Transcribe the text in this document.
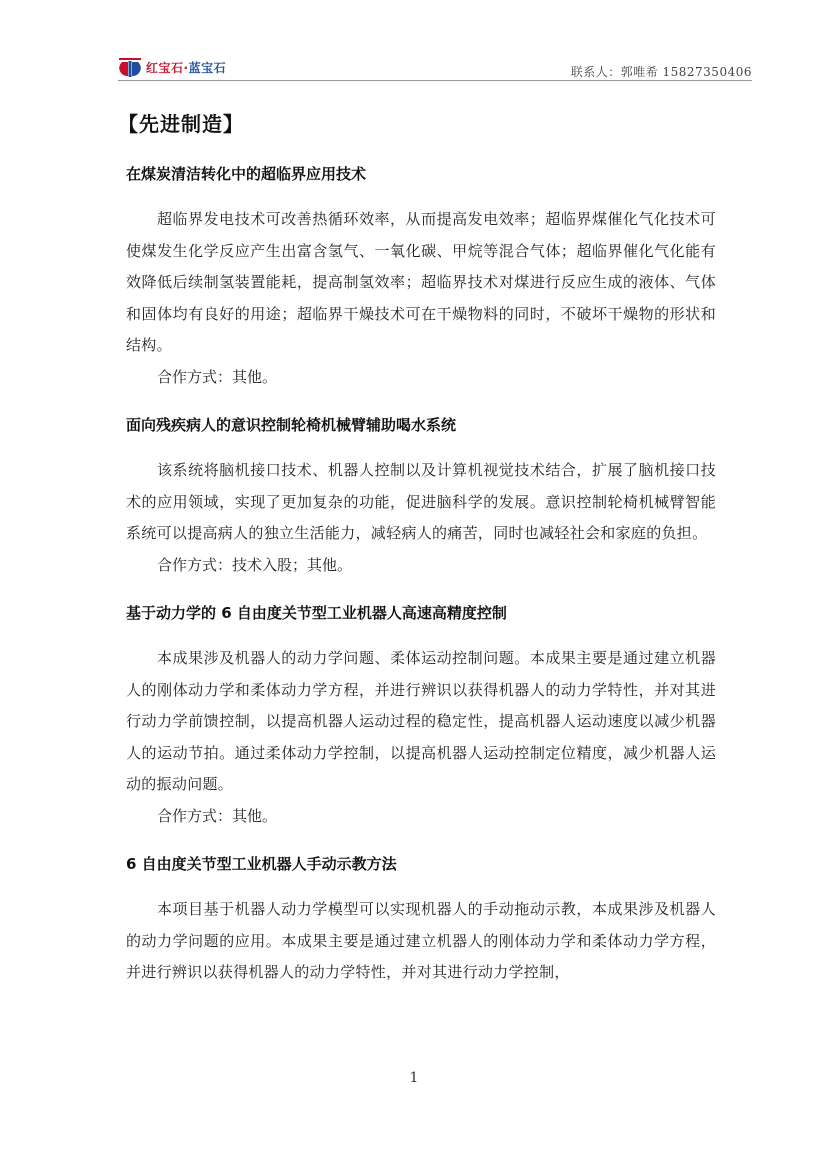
红宝石·蓝宝石	联系人：郭唯希 15827350406
【先进制造】

在煤炭清洁转化中的超临界应用技术

超临界发电技术可改善热循环效率，从而提高发电效率；超临界煤催化气化技术可使煤发生化学反应产生出富含氢气、一氧化碳、甲烷等混合气体；超临界催化气化能有效降低后续制氢装置能耗，提高制氢效率；超临界技术对煤进行反应生成的液体、气体和固体均有良好的用途；超临界干燥技术可在干燥物料的同时，不破坏干燥物的形状和结构。

合作方式：其他。

面向残疾病人的意识控制轮椅机械臂辅助喝水系统

该系统将脑机接口技术、机器人控制以及计算机视觉技术结合，扩展了脑机接口技术的应用领域，实现了更加复杂的功能，促进脑科学的发展。意识控制轮椅机械臂智能系统可以提高病人的独立生活能力，减轻病人的痛苦，同时也减轻社会和家庭的负担。

合作方式：技术入股；其他。

基于动力学的 6 自由度关节型工业机器人高速高精度控制

本成果涉及机器人的动力学问题、柔体运动控制问题。本成果主要是通过建立机器人的刚体动力学和柔体动力学方程，并进行辨识以获得机器人的动力学特性，并对其进行动力学前馈控制，以提高机器人运动过程的稳定性，提高机器人运动速度以减少机器人的运动节拍。通过柔体动力学控制，以提高机器人运动控制定位精度，减少机器人运动的振动问题。

合作方式：其他。

6 自由度关节型工业机器人手动示教方法

本项目基于机器人动力学模型可以实现机器人的手动拖动示教，本成果涉及机器人的动力学问题的应用。本成果主要是通过建立机器人的刚体动力学和柔体动力学方程，并进行辨识以获得机器人的动力学特性，并对其进行动力学控制，

1
